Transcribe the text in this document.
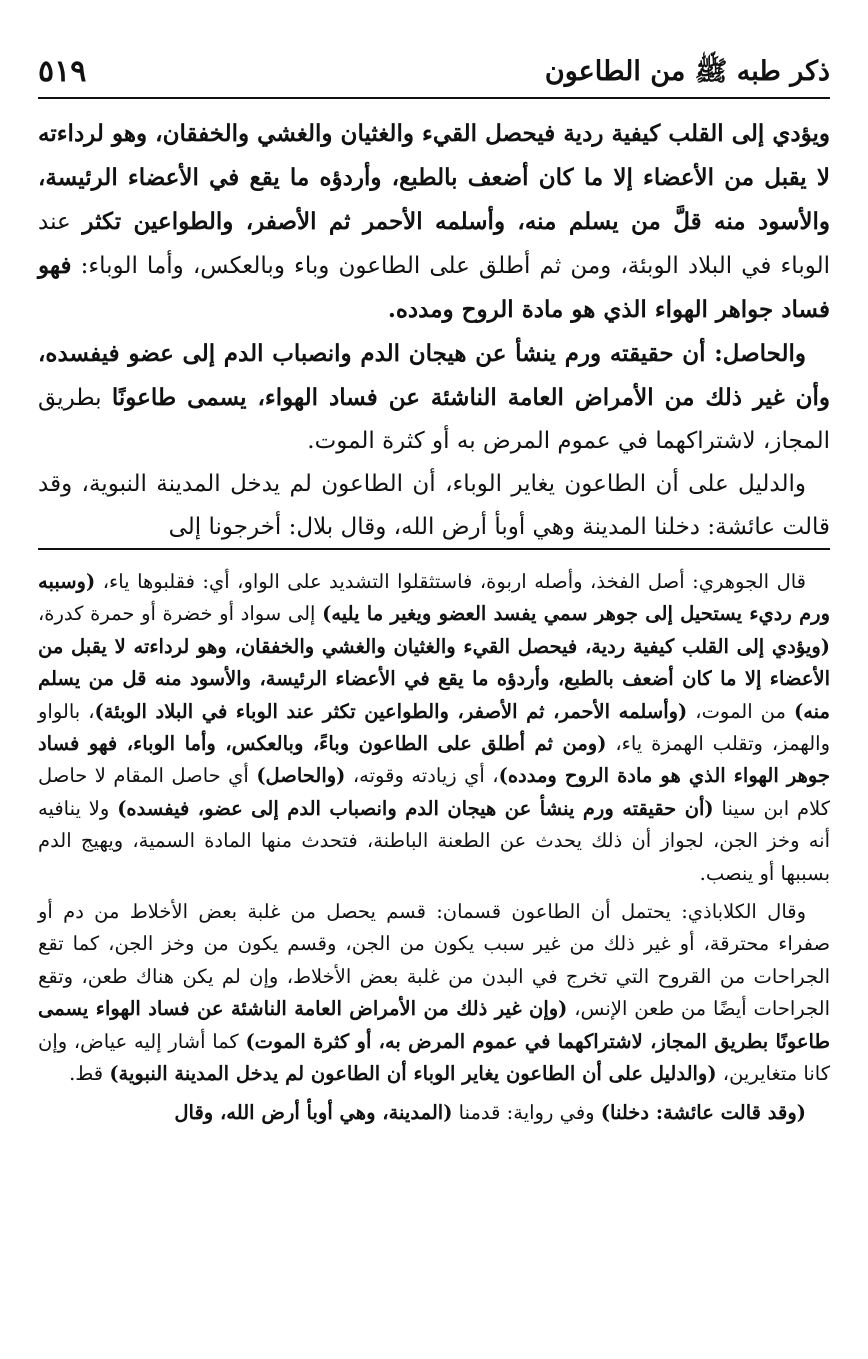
٥١٩	ذكر طبه ﷺ من الطاعون

ويؤدي إلى القلب كيفية ردية فيحصل القيء والغثيان والغشي والخفقان، وهو لرداءته لا يقبل من الأعضاء إلا ما كان أضعف بالطبع، وأردؤه ما يقع في الأعضاء الرئيسة، والأسود منه قلَّ من يسلم منه، وأسلمه الأحمر ثم الأصفر، والطواعين تكثر عند الوباء في البلاد الوبئة، ومن ثم أطلق على الطاعون وباء وبالعكس، وأما الوباء: فهو فساد جواهر الهواء الذي هو مادة الروح ومدده.

والحاصل: أن حقيقته ورم ينشأ عن هيجان الدم وانصباب الدم إلى عضو فيفسده، وأن غير ذلك من الأمراض العامة الناشئة عن فساد الهواء، يسمى طاعونًا بطريق المجاز، لاشتراكهما في عموم المرض به أو كثرة الموت.

والدليل على أن الطاعون يغاير الوباء، أن الطاعون لم يدخل المدينة النبوية، وقد قالت عائشة: دخلنا المدينة وهي أوبأ أرض الله، وقال بلال: أخرجونا إلى

قال الجوهري: أصل الفخذ، وأصله اربوة، فاستثقلوا التشديد على الواو، أي: فقلبوها ياء، (وسببه ورم رديء يستحيل إلى جوهر سمي يفسد العضو ويغير ما يليه) إلى سواد أو خضرة أو حمرة كدرة، (ويؤدي إلى القلب كيفية ردية، فيحصل القيء والغثيان والغشي والخفقان، وهو لرداءته لا يقبل من الأعضاء إلا ما كان أضعف بالطبع، وأردؤه ما يقع في الأعضاء الرئيسة، والأسود منه قل من يسلم منه) من الموت، (وأسلمه الأحمر، ثم الأصفر، والطواعين تكثر عند الوباء في البلاد الوبئة)، بالواو والهمز، وتقلب الهمزة ياء، (ومن ثم أطلق على الطاعون وباءً، وبالعكس، وأما الوباء، فهو فساد جوهر الهواء الذي هو مادة الروح ومدده)، أي زيادته وقوته، (والحاصل) أي حاصل المقام لا حاصل كلام ابن سينا (أن حقيقته ورم ينشأ عن هيجان الدم وانصباب الدم إلى عضو، فيفسده) ولا ينافيه أنه وخز الجن، لجواز أن ذلك يحدث عن الطعنة الباطنة، فتحدث منها المادة السمية، ويهيج الدم بسببها أو ينصب.

وقال الكلاباذي: يحتمل أن الطاعون قسمان: قسم يحصل من غلبة بعض الأخلاط من دم أو صفراء محترقة، أو غير ذلك من غير سبب يكون من الجن، وقسم يكون من وخز الجن، كما تقع الجراحات من القروح التي تخرج في البدن من غلبة بعض الأخلاط، وإن لم يكن هناك طعن، وتقع الجراحات أيضًا من طعن الإنس، (وإن غير ذلك من الأمراض العامة الناشئة عن فساد الهواء يسمى طاعونًا بطريق المجاز، لاشتراكهما في عموم المرض به، أو كثرة الموت) كما أشار إليه عياض، وإن كانا متغايرين، (والدليل على أن الطاعون يغاير الوباء أن الطاعون لم يدخل المدينة النبوية) قط.

(وقد قالت عائشة: دخلنا) وفي رواية: قدمنا (المدينة، وهي أوبأ أرض الله، وقال
